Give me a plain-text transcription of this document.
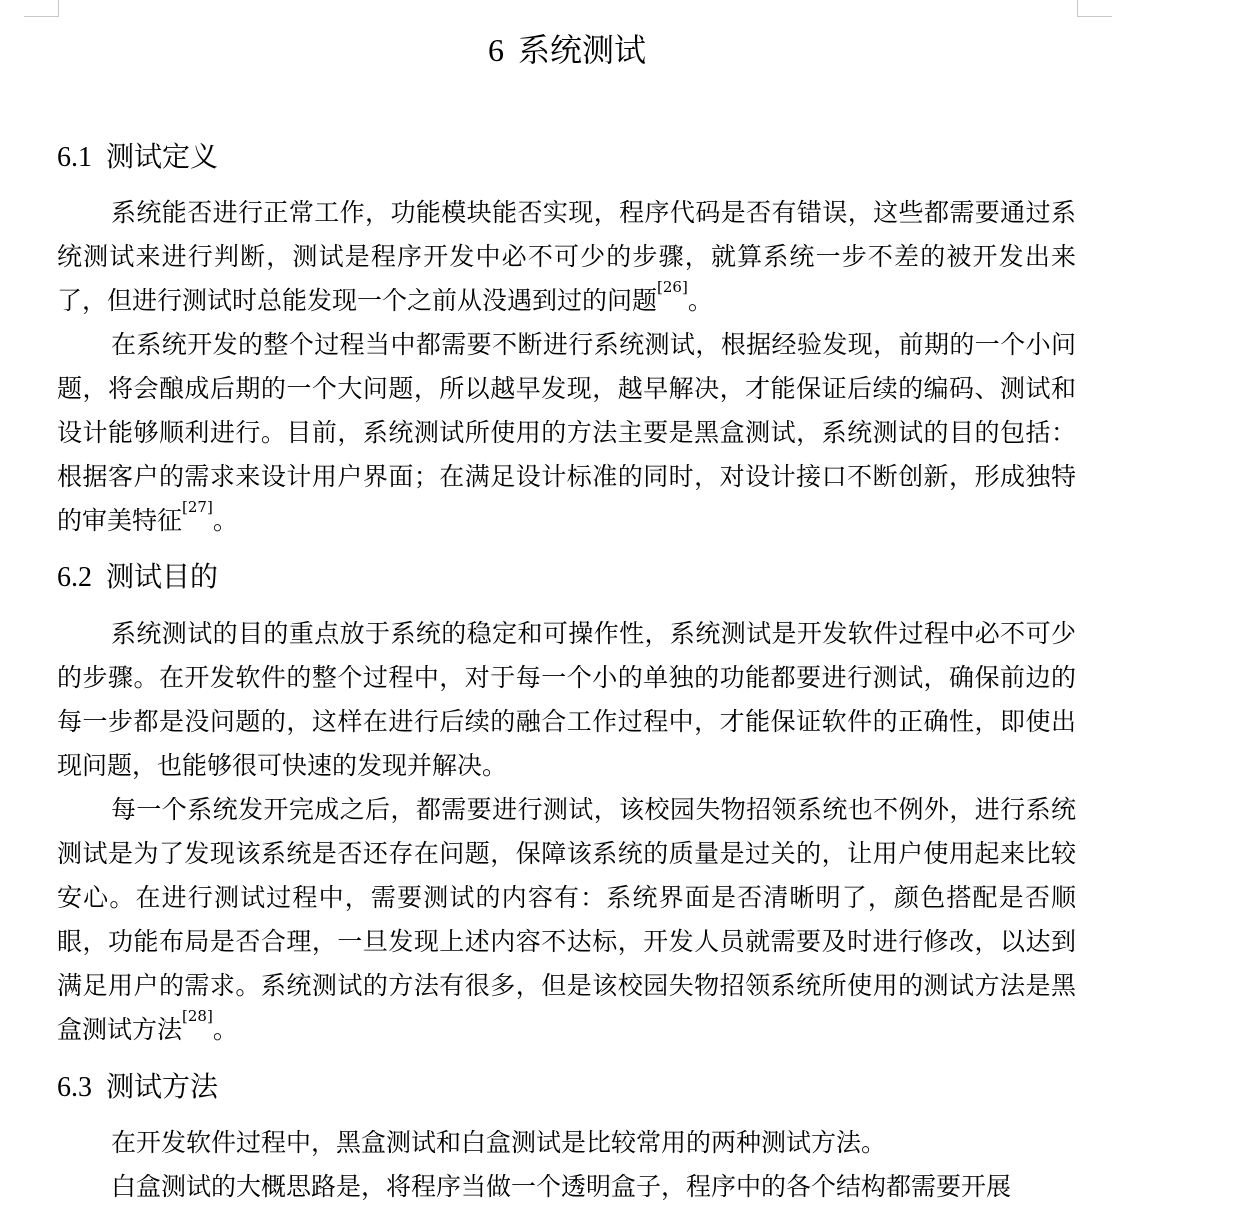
6 系统测试
6.1 测试定义

系统能否进行正常工作，功能模块能否实现，程序代码是否有错误，这些都需要通过系统测试来进行判断，测试是程序开发中必不可少的步骤，就算系统一步不差的被开发出来了，但进行测试时总能发现一个之前从没遇到过的问题[26]。

在系统开发的整个过程当中都需要不断进行系统测试，根据经验发现，前期的一个小问题，将会酿成后期的一个大问题，所以越早发现，越早解决，才能保证后续的编码、测试和设计能够顺利进行。目前，系统测试所使用的方法主要是黑盒测试，系统测试的目的包括：根据客户的需求来设计用户界面；在满足设计标准的同时，对设计接口不断创新，形成独特的审美特征[27]。

6.2 测试目的

系统测试的目的重点放于系统的稳定和可操作性，系统测试是开发软件过程中必不可少的步骤。在开发软件的整个过程中，对于每一个小的单独的功能都要进行测试，确保前边的每一步都是没问题的，这样在进行后续的融合工作过程中，才能保证软件的正确性，即使出现问题，也能够很可快速的发现并解决。

每一个系统发开完成之后，都需要进行测试，该校园失物招领系统也不例外，进行系统测试是为了发现该系统是否还存在问题，保障该系统的质量是过关的，让用户使用起来比较安心。在进行测试过程中，需要测试的内容有：系统界面是否清晰明了，颜色搭配是否顺眼，功能布局是否合理，一旦发现上述内容不达标，开发人员就需要及时进行修改，以达到满足用户的需求。系统测试的方法有很多，但是该校园失物招领系统所使用的测试方法是黑盒测试方法[28]。

6.3 测试方法

在开发软件过程中，黑盒测试和白盒测试是比较常用的两种测试方法。

白盒测试的大概思路是，将程序当做一个透明盒子，程序中的各个结构都需要开展
